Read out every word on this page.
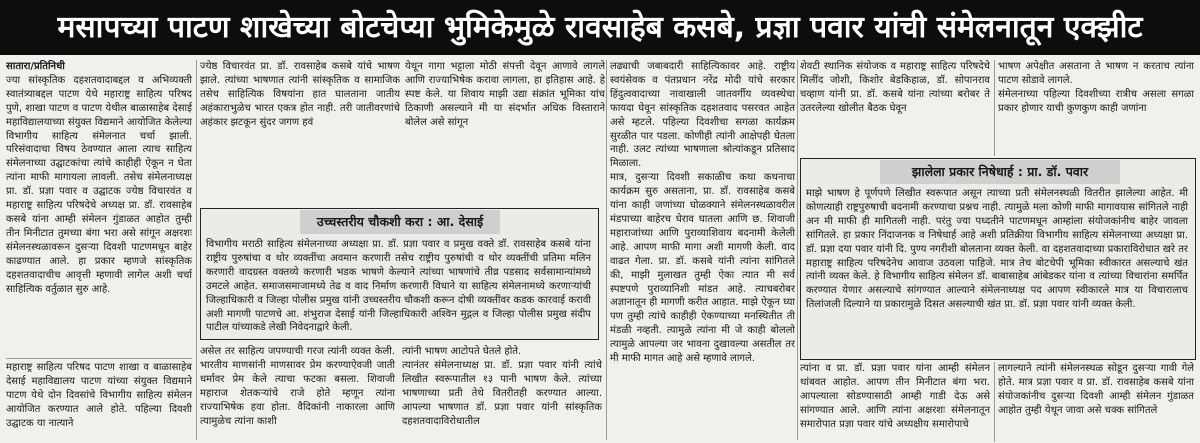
मसापच्या पाटण शाखेच्या बोटचेप्या भुमिकेमुळे रावसाहेब कसबे, प्रज्ञा पवार यांची संमेलनातून एक्झीट

सातारा/प्रतिनिधी

ज्या सांस्कृतिक दहशतवादाबद्दल व अभिव्यक्ती स्वातंत्र्याबद्दल पाटण येथे महाराष्ट्र साहित्य परिषद पुणे, शाखा पाटण व पाटण येथील बाळासाहेब देसाई महाविद्यालयाच्या संयुक्त विद्यमाने आयोजित केलेल्या विभागीय साहित्य संमेलनात चर्चा झाली. परिसंवादाचा विषय ठेवण्यात आला त्याच साहित्य संमेलनाच्या उद्घाटकांचा त्यांचे काहीही ऐकून न घेता त्यांना माफी मागायला लावली. तसेच संमेलनाध्यक्ष प्रा. डॉ. प्रज्ञा पवार व उद्घाटक ज्येष्ठ विचारवंत व महाराष्ट्र साहित्य परिषदेचे अध्यक्ष प्रा. डॉ. रावसाहेब कसबे यांना आम्ही संमेलन गुंडाळत आहोत तुम्ही तीन मिनीटात तुमच्या बंगा भरा असे सांगून अक्षरशः संमेलनस्थळावरून दुसऱ्या दिवशी पाटणमधून बाहेर काढण्यात आले. हा प्रकार म्हणजे सांस्कृतिक दहशतवादाचीच आवृत्ती म्हणावी लागेल अशी चर्चा साहित्यिक वर्तुळात सुरु आहे.

महाराष्ट्र साहित्य परिषद पाटण शाखा व बाळासाहेब देसाई महाविद्यालय पाटण यांच्या संयुक्त विद्यमाने पाटण येथे दोन दिवसांचे विभागीय साहित्य संमेलन आयोजित करण्यात आले होते. पहिल्या दिवशी उद्घाटक या नात्याने

ज्येष्ठ विचारवंत प्रा. डॉ. रावसाहेब कसबे यांचे भाषण झाले. त्यांच्या भाषणात त्यांनी सांस्कृतिक व सामाजिक तसेच साहित्यिक विषयांना हात घालताना जातीय अहंकाराभुळेच भारत एकत्र होत नाही. तरी जातीवरणांचे अहंकार झटकून सुंदर जगण हवं

येथून गागा भट्टाला मोठी संपत्ती देवून आणावे लागले आणि राज्याभिषेक करावा लागला, हा इतिहास आहे. हे स्पष्ट केले. या शिवाय माझी उद्या संक्रांत भूमिका यांच ठिकाणी असल्याने मी या संदर्भात अधिक विस्ताराने बोलेल असे सांगून

उच्चस्तरीय चौकशी करा : आ. देसाई
विभागीय मराठी साहित्य संमेलनाच्या अध्यक्षा प्रा. डॉ. प्रज्ञा पवार व प्रमुख वक्ते डॉ. रावसाहेब कसबे यांना राष्ट्रीय पुरुषांचा व थोर व्यक्तींचा अवमान करणारी तसेच राष्ट्रीय पुरुषांची व थोर व्यक्तींची प्रतिमा मलिन करणारी वादग्रस्त वक्तव्ये करणारी भडक भाषणे केल्याने त्यांच्या भाषणांचे तीव्र पडसाद सर्वसामान्यांमध्ये उमटले आहेत. समाजसमाजामध्ये तेढ व वाद निर्माण करणारी विधाने या साहित्य संमेलनामध्ये करणाऱ्यांची जिल्हाधिकारी व जिल्हा पोलीस प्रमुख यांनी उच्चस्तरीय चौकशी करून दोषी व्यक्तींवर कडक कारवाई करावी अशी मागणी पाटणचे आ. शंभुराज देसाई यांनी जिल्हाधिकारी अश्विन मुद्गल व जिल्हा पोलीस प्रमुख संदीप पाटील यांच्याकडे लेखी निवेदनाद्वारे केली.

असेल तर साहित्य जपण्याची गरज त्यांनी व्यक्त केली. भारतीय माणसांनी माणसावर प्रेम करण्याऐवजी जाती धर्मावर प्रेम केले त्याचा फटका बसला. शिवाजी महाराज शेतकऱ्यांचे राजे होते म्हणून त्यांना राज्याभिषेक हवा होता. वैदिकांनी नाकारला आणि त्यामुळेच त्यांना काशी

त्यांनी भाषण आटोपते घेतले होते.

त्यानंतर संमेलनाध्यक्ष प्रा. डॉ. प्रज्ञा पवार यांनी त्यांचे लिखीत स्वरूपातील १३ पानी भाषण केले. त्यांच्या भाषणाच्या प्रती तेथे वितरीतही करण्यात आल्या. आपल्या भाषणात डॉ. प्रज्ञा पवार यांनी सांस्कृतिक दहशतवादाविरोधातील

लढ्याची जबाबदारी साहित्यिकावर आहे. राष्ट्रीय स्वयंसेवक व पंतप्रधान नरेंद्र मोदी यांचे सरकार हिंदुत्ववादाच्या नावाखाली जातवर्गीय व्यवस्थेचा फायदा घेवून सांस्कृतिक दहशतवाद पसरवत आहेत असे म्हटले. पहिल्या दिवशीचा सगळा कार्यक्रम सुरळीत पार पडला. कोणीही त्यांनी आक्षेपही घेतला नाही. उलट त्यांच्या भाषणाला श्रोत्यांकडून प्रतिसाद मिळाला.

मात्र, दुसऱ्या दिवशी सकाळीच कथा कथनाचा कार्यक्रम सुरु असताना, प्रा. डॉ. रावसाहेब कसबे यांना काही जणांच्या घोळक्याने संमेलनस्थळावरील मंडपाच्या बाहेरच घेराव घातला आणि छ. शिवाजी महाराजांच्या आणि पुराव्याशिवाय बदनामी केलेली आहे. आपण माफी मागा अशी मागणी केली. वाद वाढत गेला. प्रा. डॉ. कसबे यांनी त्यांना सांगितले की, माझी मुलाखत तुम्ही ऐका त्यात मी सर्व स्पष्टपणे पुराव्यानिशी मांडत आहे. त्याचबरोबर अज्ञानातून ही मागणी करीत आहात. माझे ऐकून घ्या पण तुम्ही त्यांचे काहीही ऐकण्याच्या मनस्थितीत ती मंडळी नव्हती. त्यामुळे त्यांना मी जे काही बोललो त्यामुळे आपल्या जर भावना दुखावल्या असतील तर मी माफी मागत आहे असे म्हणावे लागले.

शेवटी स्थानिक संयोजक व महाराष्ट्र साहित्य परिषदेचे मिलींद जोशी, किशोर बेडकिहाळ, डॉ. सोपानराव चव्हाण यांनी प्रा. डॉ. कसबे यांना त्यांच्या बरोबर ते उतरलेल्या खोलीत बैठक घेवून

भाषण अपेक्षीत असताना ते भाषण न करताच त्यांना पाटण सोडावे लागले.

संमेलनाच्या पहिल्या दिवशीच्या रात्रीच असला सगळा प्रकार होणार याची कुणकुण काही जणांना

झालेला प्रकार निषेधार्ह : प्रा. डॉ. पवार
माझे भाषण हे पूर्णपणे लिखीत स्वरूपात असून त्याच्या प्रती संमेलनस्थळी वितरीत झालेल्या आहेत. मी कोणत्याही राष्ट्रपुरुषाची बदनामी करण्याचा प्रश्नच नाही. त्यामुळे मला कोणी माफी मागावयास सांगितले नाही अन मी माफी ही मागितली नाही. परंतु ज्या पध्दतीने पाटणमधून आम्हांला संयोजकांनीच बाहेर जावला सांगितले. हा प्रकार निंदाजनक व निषेधार्ह आहे अशी प्रतिक्रीया विभागीय साहित्य संमेलनाच्या अध्यक्षा प्रा. डॉ. प्रज्ञा दया पवार यांनी दि. पुण्य नगरीशी बोलताना व्यक्त केली. वा दहशतवादाच्या प्रकाराविरोधात खरे तर महाराष्ट्र साहित्य परिषदेनेच आवाज उठवला पाहिजे. मात्र तेच बोटचेपी भूमिका स्वीकारत असल्याचे खंत त्यांनी व्यक्त केले. हे विभागीय साहित्य संमेलन डॉ. बाबासाहेब आंबेडकर यांना व त्यांच्या विचारांना समर्पित करण्यात येणार असल्याचे सांगण्यात आल्याने संमेलनाध्यक्ष पद आपण स्वीकारले मात्र या विचारालाच तिलांजली दिल्याने या प्रकारामुळे दिसत असल्याची खंत प्रा. डॉ. प्रज्ञा पवार यांनी व्यक्त केली.

त्यांना व प्रा. डॉ. प्रज्ञा पवार यांना आम्ही संमेलन थांबवत आहोत. आपण तीन मिनीटात बंगा भरा. आपल्याला सोडण्यासाठी आम्ही गाडी देऊ असे सांगण्यात आले. आणि त्यांना अक्षरशः संमेलनातून समारोपात प्रज्ञा पवार यांचे अध्यक्षीय समारोपाचे

लागल्याने त्यांनी संमेलनस्थळ सोडून दुसऱ्या गावी गेले होते. मात्र प्रज्ञा पवार व प्रा. डॉ. रावसाहेब कसबे यांना संयोजकांनीच दुसऱ्या दिवशी आम्ही संमेलन गुंडाळत आहोत तुम्ही येथून जावा असे चक्क सांगितले
